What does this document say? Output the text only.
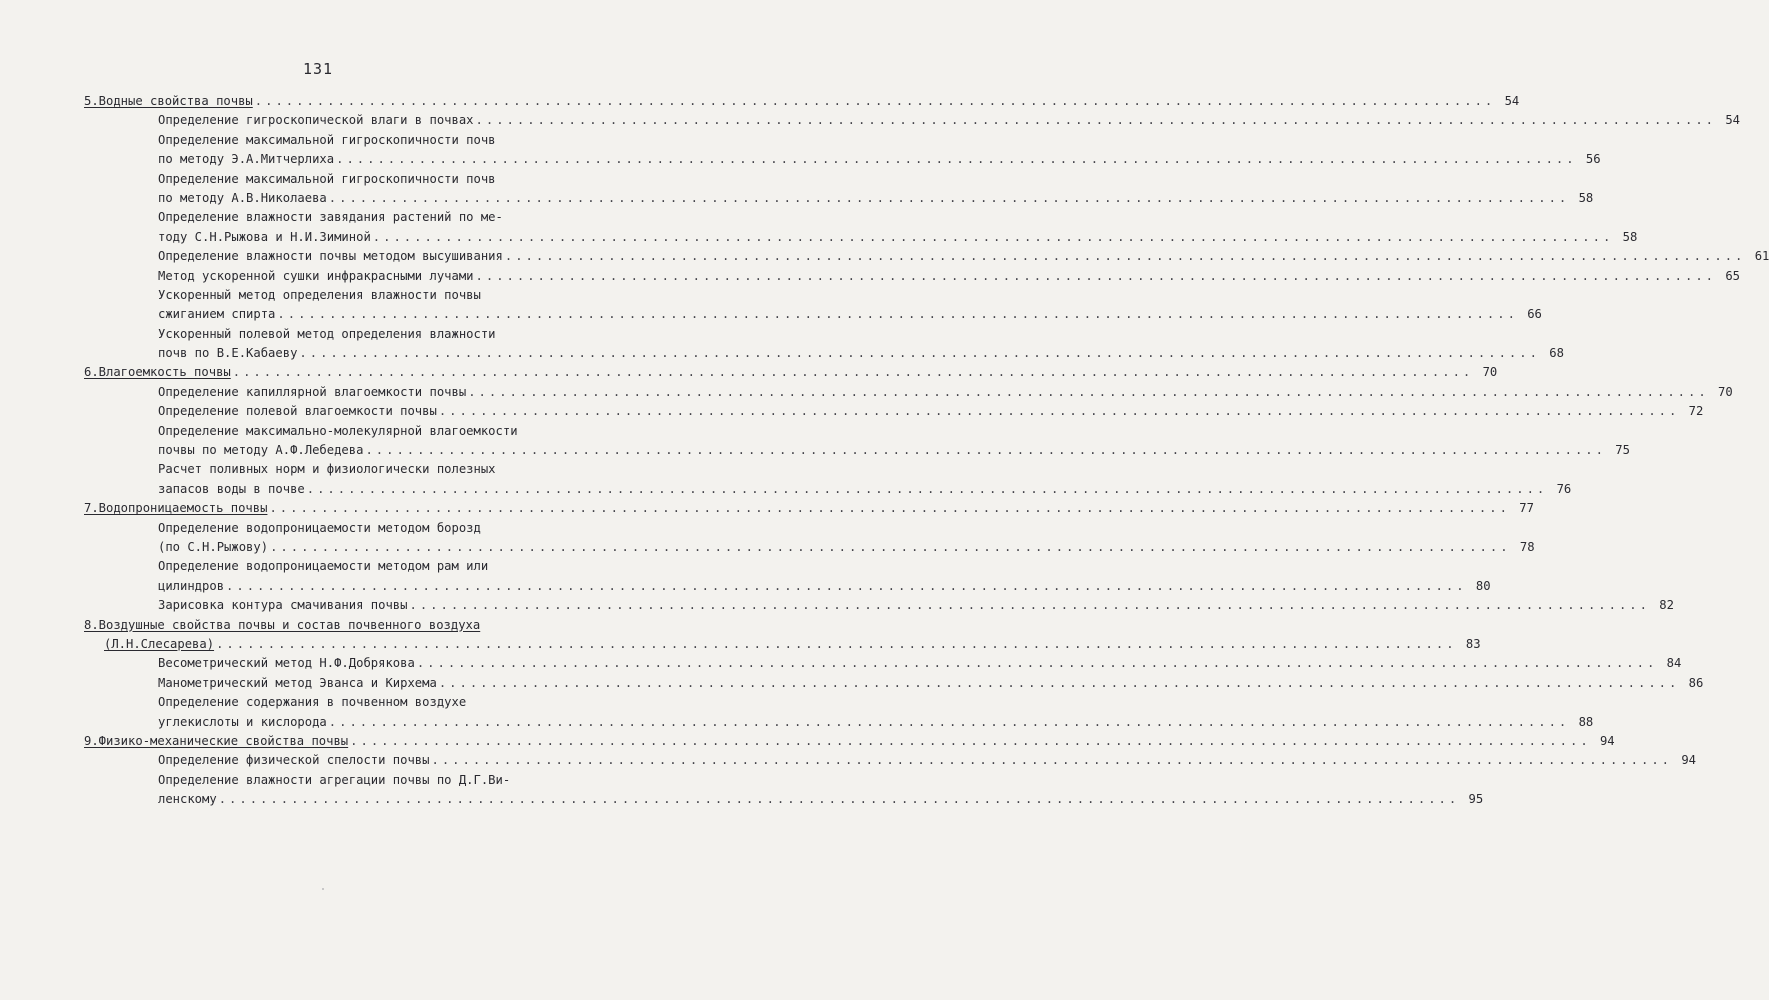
131
5.Водные свойства почвы ........................................................................................................................ 54
Определение гигроскопической влаги в почвах ........................................................................................................................ 54
Определение максимальной гигроскопичности почв
по методу Э.А.Митчерлиха ........................................................................................................................ 56
Определение максимальной гигроскопичности почв
по методу А.В.Николаева ........................................................................................................................ 58
Определение влажности завядания растений по ме-
тоду С.Н.Рыжова и Н.И.Зиминой ........................................................................................................................ 58
Определение влажности почвы методом высушивания ........................................................................................................................ 61
Метод ускоренной сушки инфракрасными лучами ........................................................................................................................ 65
Ускоренный метод определения влажности почвы
сжиганием спирта ........................................................................................................................ 66
Ускоренный полевой метод определения влажности
почв по В.Е.Кабаеву ........................................................................................................................ 68
6.Влагоемкость почвы ........................................................................................................................ 70
Определение капиллярной влагоемкости почвы ........................................................................................................................ 70
Определение полевой влагоемкости почвы ........................................................................................................................ 72
Определение максимально-молекулярной влагоемкости
почвы по методу А.Ф.Лебедева ........................................................................................................................ 75
Расчет поливных норм и физиологически полезных
запасов воды в почве ........................................................................................................................ 76
7.Водопроницаемость почвы ........................................................................................................................ 77
Определение водопроницаемости методом борозд
(по С.Н.Рыжову) ........................................................................................................................ 78
Определение водопроницаемости методом рам или
цилиндров ........................................................................................................................ 80
Зарисовка контура смачивания почвы ........................................................................................................................ 82
8.Воздушные свойства почвы и состав почвенного воздуха
(Л.Н.Слесарева) ........................................................................................................................ 83
Весометрический метод Н.Ф.Добрякова ........................................................................................................................ 84
Манометрический метод Эванса и Кирхема ........................................................................................................................ 86
Определение содержания в почвенном воздухе
углекислоты и кислорода ........................................................................................................................ 88
9.Физико-механические свойства почвы ........................................................................................................................ 94
Определение физической спелости почвы ........................................................................................................................ 94
Определение влажности агрегации почвы по Д.Г.Ви-
ленскому ........................................................................................................................ 95
